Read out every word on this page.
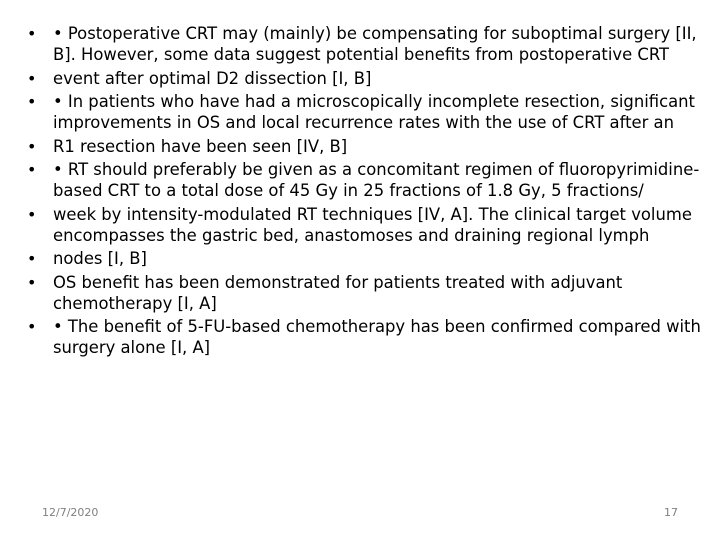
• • Postoperative CRT may (mainly) be compensating for suboptimal surgery [II, B]. However, some data suggest potential benefits from postoperative CRT
• event after optimal D2 dissection [I, B]
• • In patients who have had a microscopically incomplete resection, significant improvements in OS and local recurrence rates with the use of CRT after an
• R1 resection have been seen [IV, B]
• • RT should preferably be given as a concomitant regimen of fluoropyrimidine-based CRT to a total dose of 45 Gy in 25 fractions of 1.8 Gy, 5 fractions/
• week by intensity-modulated RT techniques [IV, A]. The clinical target volume encompasses the gastric bed, anastomoses and draining regional lymph
• nodes [I, B]
• OS benefit has been demonstrated for patients treated with adjuvant chemotherapy [I, A]
• • The benefit of 5-FU-based chemotherapy has been confirmed compared with surgery alone [I, A]
12/7/2020	17
